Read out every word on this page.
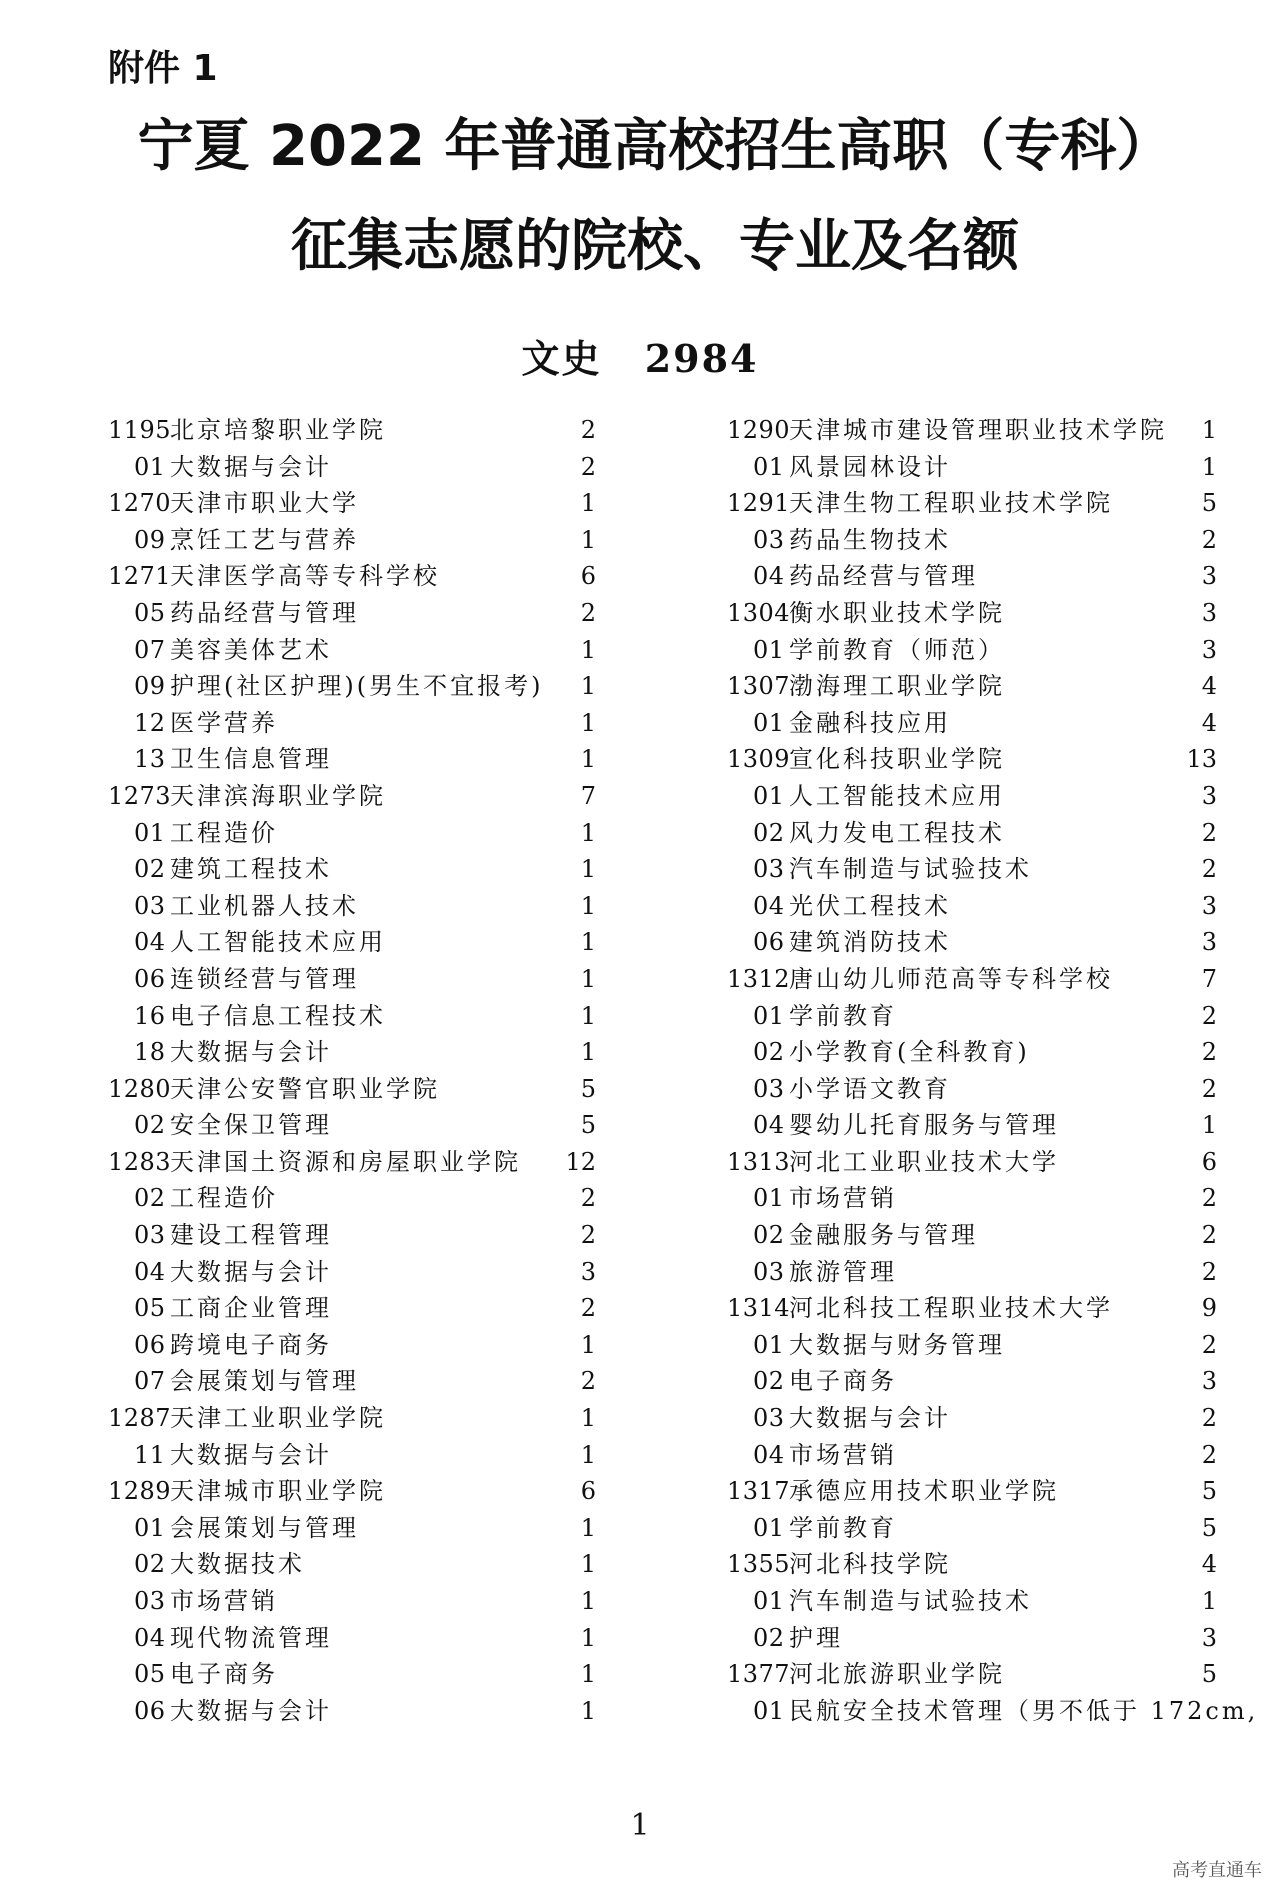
附件 1
宁夏 2022 年普通高校招生高职（专科）
征集志愿的院校、专业及名额
文史 2984
1195北京培黎职业学院	2
01 大数据与会计	2
1270天津市职业大学	1
09 烹饪工艺与营养	1
1271天津医学高等专科学校	6
05 药品经营与管理	2
07 美容美体艺术	1
09 护理(社区护理)(男生不宜报考) 1
12 医学营养	1
13 卫生信息管理	1
1273天津滨海职业学院	7
01 工程造价	1
02 建筑工程技术	1
03 工业机器人技术	1
04 人工智能技术应用	1
06 连锁经营与管理	1
16 电子信息工程技术	1
18 大数据与会计	1
1280天津公安警官职业学院	5
02 安全保卫管理	5
1283天津国土资源和房屋职业学院 12
02 工程造价	2
03 建设工程管理	2
04 大数据与会计	3
05 工商企业管理	2
06 跨境电子商务	1
07 会展策划与管理	2
1287天津工业职业学院	1
11 大数据与会计	1
1289天津城市职业学院	6
01 会展策划与管理	1
02 大数据技术	1
03 市场营销	1
04 现代物流管理	1
05 电子商务	1
06 大数据与会计	1
1290天津城市建设管理职业技术学院 1
01 风景园林设计	1
1291天津生物工程职业技术学院	5
03 药品生物技术	2
04 药品经营与管理	3
1304衡水职业技术学院	3
01 学前教育（师范）	3
1307渤海理工职业学院	4
01 金融科技应用	4
1309宣化科技职业学院	13
01 人工智能技术应用	3
02 风力发电工程技术	2
03 汽车制造与试验技术	2
04 光伏工程技术	3
06 建筑消防技术	3
1312唐山幼儿师范高等专科学校	7
01 学前教育	2
02 小学教育(全科教育)	2
03 小学语文教育	2
04 婴幼儿托育服务与管理	1
1313河北工业职业技术大学	6
01 市场营销	2
02 金融服务与管理	2
03 旅游管理	2
1314河北科技工程职业技术大学	9
01 大数据与财务管理	2
02 电子商务	3
03 大数据与会计	2
04 市场营销	2
1317承德应用技术职业学院	5
01 学前教育	5
1355河北科技学院	4
01 汽车制造与试验技术	1
02 护理	3
1377河北旅游职业学院	5
01 民航安全技术管理（男不低于 172cm,
1
高考直通车
